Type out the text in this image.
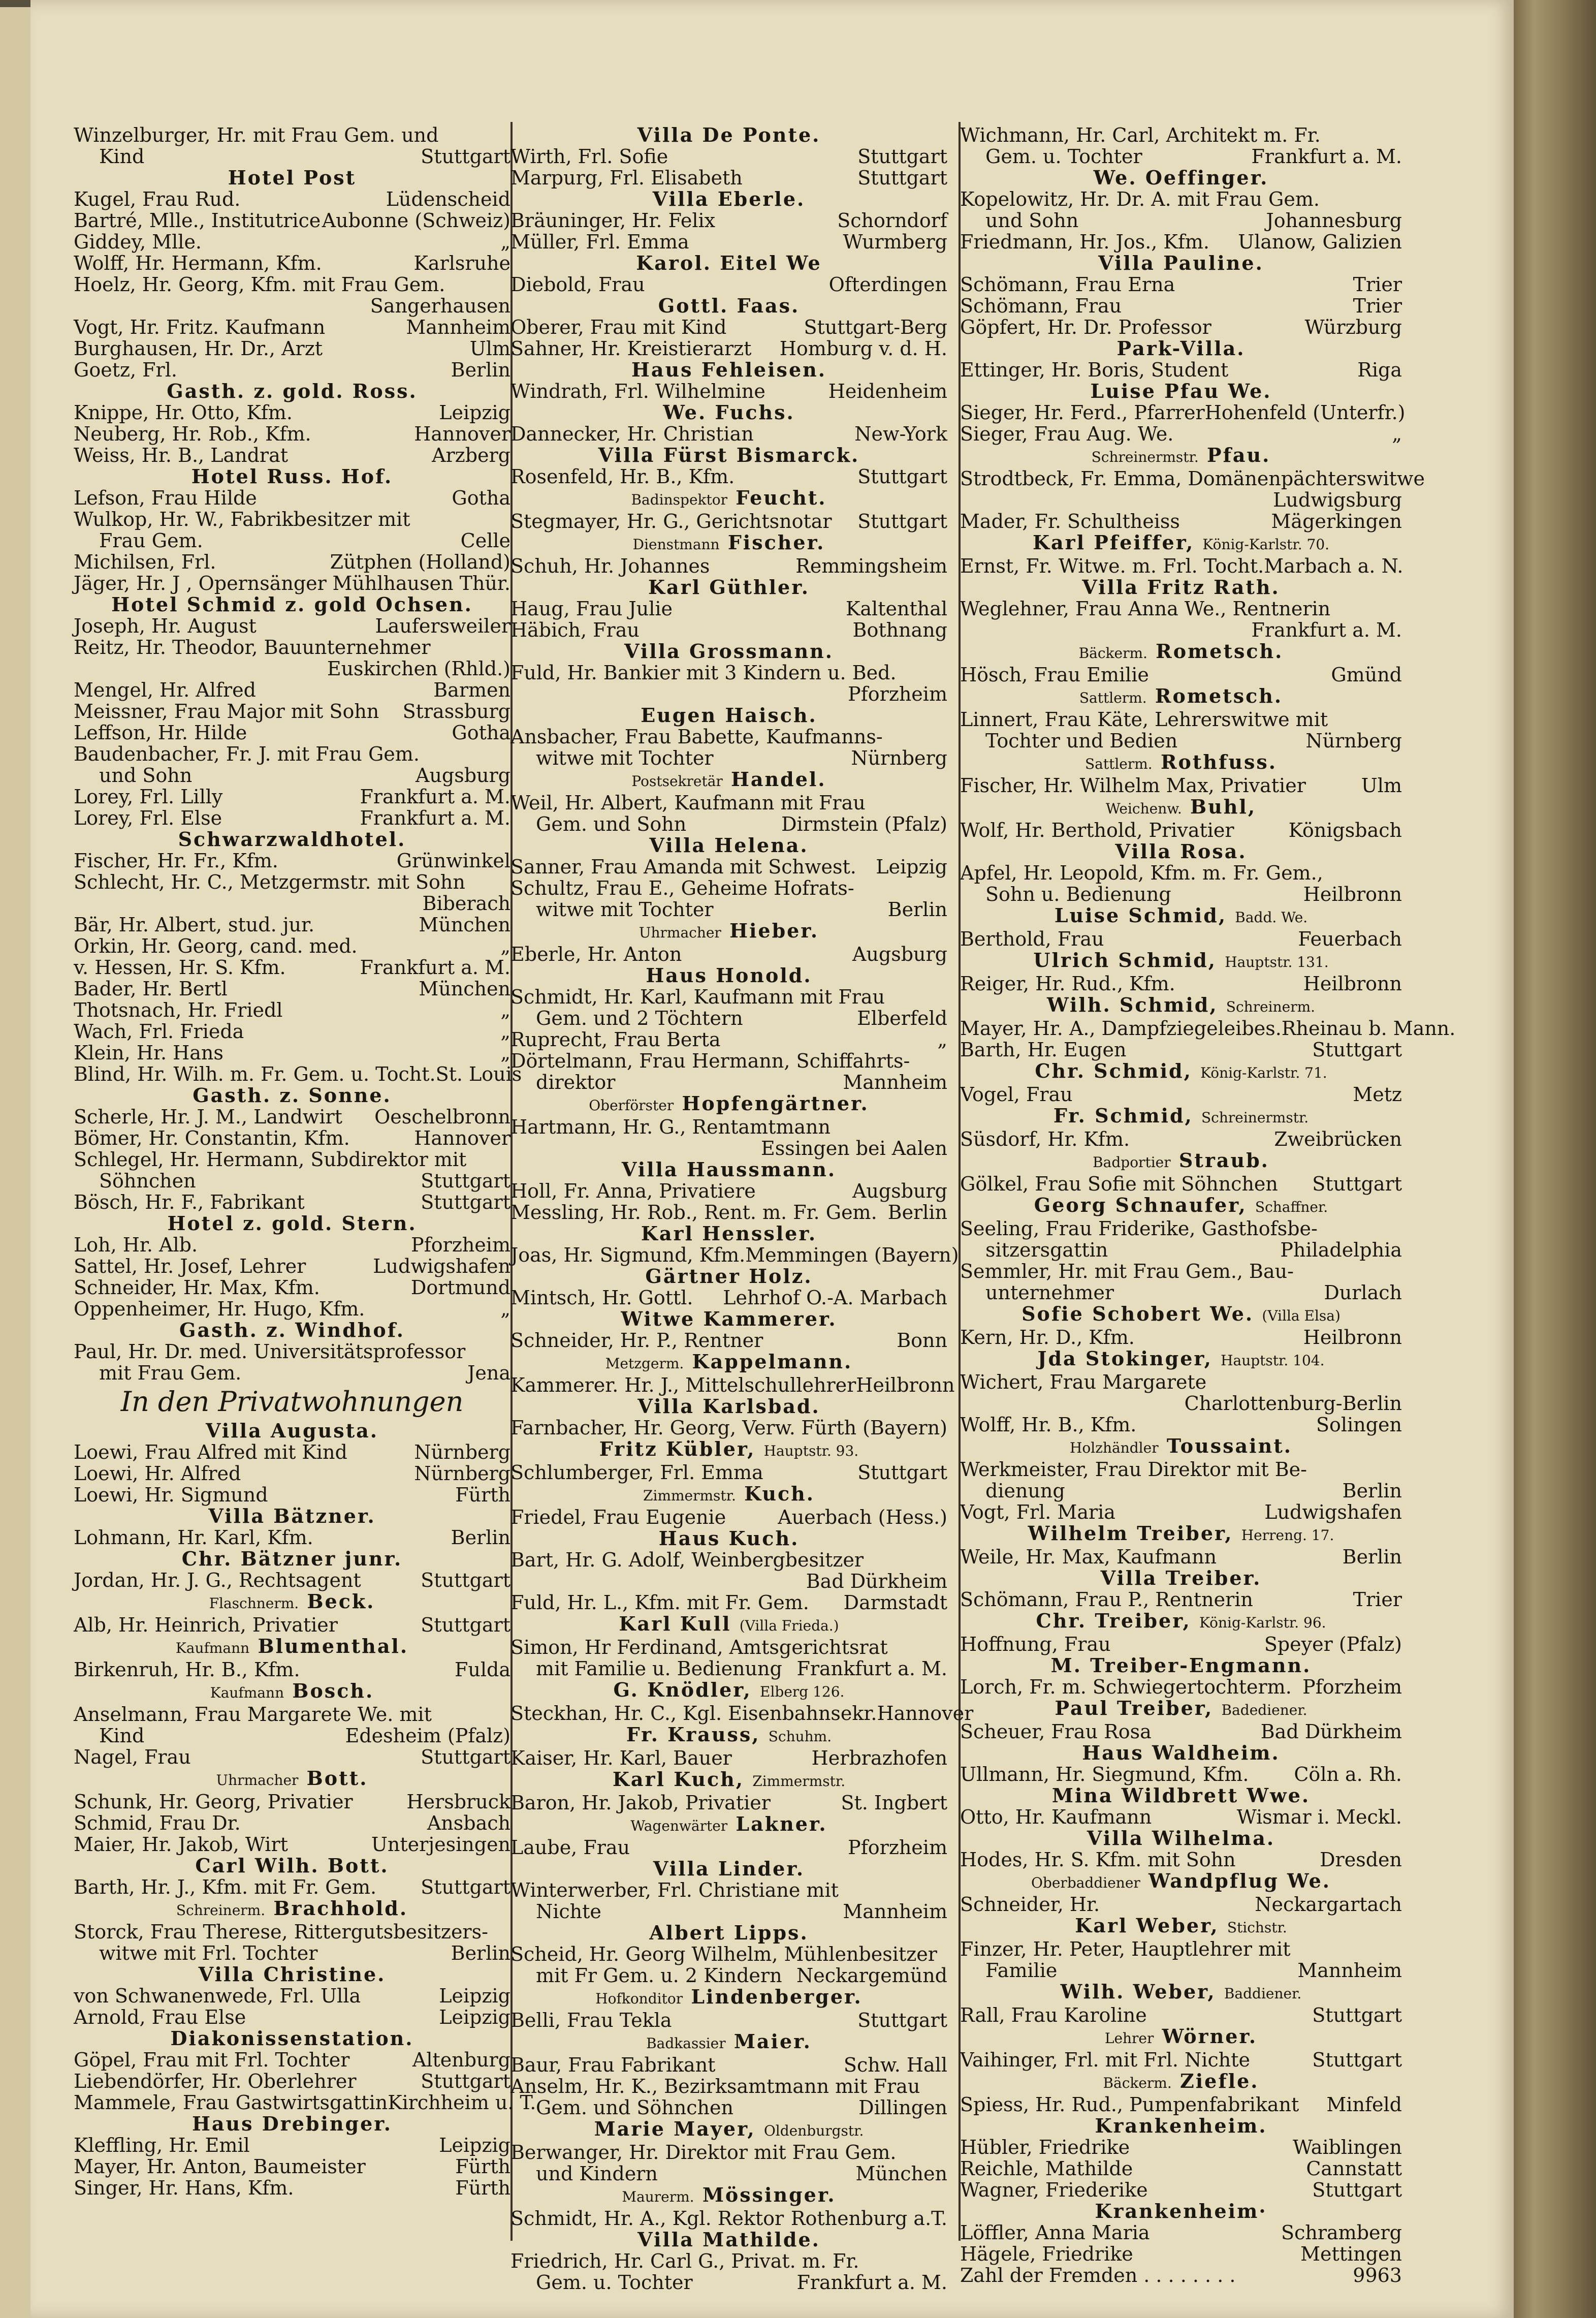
Winzelburger, Hr. mit Frau Gem. und
Kind	Stuttgart
Hotel Post
Kugel, Frau Rud.	Lüdenscheid
Bartré, Mlle., Institutrice Aubonne (Schweiz)
Giddey, Mlle.	„
Wolff, Hr. Hermann, Kfm.	Karlsruhe
Hoelz, Hr. Georg, Kfm. mit Frau Gem.
Sangerhausen
Vogt, Hr. Fritz. Kaufmann	Mannheim
Burghausen, Hr. Dr., Arzt	Ulm
Goetz, Frl.	Berlin
Gasth. z. gold. Ross.
Knippe, Hr. Otto, Kfm.	Leipzig
Neuberg, Hr. Rob., Kfm.	Hannover
Weiss, Hr. B., Landrat	Arzberg
Hotel Russ. Hof.
Lefson, Frau Hilde	Gotha
Wulkop, Hr. W., Fabrikbesitzer mit
Frau Gem.	Celle
Michilsen, Frl.	Zütphen (Holland)
Jäger, Hr. J , Opernsänger Mühlhausen Thür.
Hotel Schmid z. gold Ochsen.
Joseph, Hr. August	Laufersweiler
Reitz, Hr. Theodor, Bauunternehmer
Euskirchen (Rhld.)
Mengel, Hr. Alfred	Barmen
Meissner, Frau Major mit Sohn Strassburg
Leffson, Hr. Hilde	Gotha
Baudenbacher, Fr. J. mit Frau Gem.
und Sohn	Augsburg
Lorey, Frl. Lilly	Frankfurt a. M.
Lorey, Frl. Else	Frankfurt a. M.
Schwarzwaldhotel.
Fischer, Hr. Fr., Kfm.	Grünwinkel
Schlecht, Hr. C., Metzgermstr. mit Sohn
Biberach
Bär, Hr. Albert, stud. jur.	München
Orkin, Hr. Georg, cand. med.	„
v. Hessen, Hr. S. Kfm.	Frankfurt a. M.
Bader, Hr. Bertl	München
Thotsnach, Hr. Friedl	„
Wach, Frl. Frieda	„
Klein, Hr. Hans	„
Blind, Hr. Wilh. m. Fr. Gem. u. Tocht. St. Louis
Gasth. z. Sonne.
Scherle, Hr. J. M., Landwirt Oeschelbronn
Bömer, Hr. Constantin, Kfm.	Hannover
Schlegel, Hr. Hermann, Subdirektor mit
Söhnchen	Stuttgart
Bösch, Hr. F., Fabrikant	Stuttgart
Hotel z. gold. Stern.
Loh, Hr. Alb.	Pforzheim
Sattel, Hr. Josef, Lehrer	Ludwigshafen
Schneider, Hr. Max, Kfm.	Dortmund
Oppenheimer, Hr. Hugo, Kfm.	„
Gasth. z. Windhof.
Paul, Hr. Dr. med. Universitätsprofessor
mit Frau Gem.	Jena
In den Privatwohnungen
Villa Augusta.
Loewi, Frau Alfred mit Kind	Nürnberg
Loewi, Hr. Alfred	Nürnberg
Loewi, Hr. Sigmund	Fürth
Villa Bätzner.
Lohmann, Hr. Karl, Kfm.	Berlin
Chr. Bätzner junr.
Jordan, Hr. J. G., Rechtsagent	Stuttgart
Flaschnerm. Beck.
Alb, Hr. Heinrich, Privatier	Stuttgart
Kaufmann Blumenthal.
Birkenruh, Hr. B., Kfm.	Fulda
Kaufmann Bosch.
Anselmann, Frau Margarete We. mit
Kind	Edesheim (Pfalz)
Nagel, Frau	Stuttgart
Uhrmacher Bott.
Schunk, Hr. Georg, Privatier	Hersbruck
Schmid, Frau Dr.	Ansbach
Maier, Hr. Jakob, Wirt	Unterjesingen
Carl Wilh. Bott.
Barth, Hr. J., Kfm. mit Fr. Gem. Stuttgart
Schreinerm. Brachhold.
Storck, Frau Therese, Rittergutsbesitzers-
witwe mit Frl. Tochter	Berlin
Villa Christine.
von Schwanenwede, Frl. Ulla	Leipzig
Arnold, Frau Else	Leipzig
Diakonissenstation.
Göpel, Frau mit Frl. Tochter	Altenburg
Liebendörfer, Hr. Oberlehrer	Stuttgart
Mammele, Frau Gastwirtsgattin Kirchheim u. T.
Haus Drebinger.
Kleffling, Hr. Emil	Leipzig
Mayer, Hr. Anton, Baumeister	Fürth
Singer, Hr. Hans, Kfm.	Fürth
Villa De Ponte.
Wirth, Frl. Sofie	Stuttgart
Marpurg, Frl. Elisabeth	Stuttgart
Villa Eberle.
Bräuninger, Hr. Felix	Schorndorf
Müller, Frl. Emma	Wurmberg
Karol. Eitel We
Diebold, Frau	Ofterdingen
Gottl. Faas.
Oberer, Frau mit Kind	Stuttgart-Berg
Sahner, Hr. Kreistierarzt Homburg v. d. H.
Haus Fehleisen.
Windrath, Frl. Wilhelmine	Heidenheim
We. Fuchs.
Dannecker, Hr. Christian	New-York
Villa Fürst Bismarck.
Rosenfeld, Hr. B., Kfm.	Stuttgart
Badinspektor Feucht.
Stegmayer, Hr. G., Gerichtsnotar Stuttgart
Dienstmann Fischer.
Schuh, Hr. Johannes	Remmingsheim
Karl Güthler.
Haug, Frau Julie	Kaltenthal
Häbich, Frau	Bothnang
Villa Grossmann.
Fuld, Hr. Bankier mit 3 Kindern u. Bed.
Pforzheim
Eugen Haisch.
Ansbacher, Frau Babette, Kaufmanns-
witwe mit Tochter	Nürnberg
Postsekretär Handel.
Weil, Hr. Albert, Kaufmann mit Frau
Gem. und Sohn	Dirmstein (Pfalz)
Villa Helena.
Sanner, Frau Amanda mit Schwest. Leipzig
Schultz, Frau E., Geheime Hofrats-
witwe mit Tochter	Berlin
Uhrmacher Hieber.
Eberle, Hr. Anton	Augsburg
Haus Honold.
Schmidt, Hr. Karl, Kaufmann mit Frau
Gem. und 2 Töchtern	Elberfeld
Ruprecht, Frau Berta	„
Dörtelmann, Frau Hermann, Schiffahrts-
direktor	Mannheim
Oberförster Hopfengärtner.
Hartmann, Hr. G., Rentamtmann
Essingen bei Aalen
Villa Haussmann.
Holl, Fr. Anna, Privatiere	Augsburg
Messling, Hr. Rob., Rent. m. Fr. Gem. Berlin
Karl Henssler.
Joas, Hr. Sigmund, Kfm. Memmingen (Bayern)
Gärtner Holz.
Mintsch, Hr. Gottl. Lehrhof O.-A. Marbach
Witwe Kammerer.
Schneider, Hr. P., Rentner	Bonn
Metzgerm. Kappelmann.
Kammerer. Hr. J., Mittelschullehrer Heilbronn
Villa Karlsbad.
Farnbacher, Hr. Georg, Verw. Fürth (Bayern)
Fritz Kübler, Hauptstr. 93.
Schlumberger, Frl. Emma	Stuttgart
Zimmermstr. Kuch.
Friedel, Frau Eugenie	Auerbach (Hess.)
Haus Kuch.
Bart, Hr. G. Adolf, Weinbergbesitzer
Bad Dürkheim
Fuld, Hr. L., Kfm. mit Fr. Gem. Darmstadt
Karl Kull (Villa Frieda.)
Simon, Hr Ferdinand, Amtsgerichtsrat
mit Familie u. Bedienung Frankfurt a. M.
G. Knödler, Elberg 126.
Steckhan, Hr. C., Kgl. Eisenbahnsekr. Hannover
Fr. Krauss, Schuhm.
Kaiser, Hr. Karl, Bauer	Herbrazhofen
Karl Kuch, Zimmermstr.
Baron, Hr. Jakob, Privatier	St. Ingbert
Wagenwärter Lakner.
Laube, Frau	Pforzheim
Villa Linder.
Winterwerber, Frl. Christiane mit
Nichte	Mannheim
Albert Lipps.
Scheid, Hr. Georg Wilhelm, Mühlenbesitzer
mit Fr Gem. u. 2 Kindern Neckargemünd
Hofkonditor Lindenberger.
Belli, Frau Tekla	Stuttgart
Badkassier Maier.
Baur, Frau Fabrikant	Schw. Hall
Anselm, Hr. K., Bezirksamtmann mit Frau
Gem. und Söhnchen	Dillingen
Marie Mayer, Oldenburgstr.
Berwanger, Hr. Direktor mit Frau Gem.
und Kindern	München
Maurerm. Mössinger.
Schmidt, Hr. A., Kgl. Rektor Rothenburg a.T.
Villa Mathilde.
Friedrich, Hr. Carl G., Privat. m. Fr.
Gem. u. Tochter	Frankfurt a. M.
Wichmann, Hr. Carl, Architekt m. Fr.
Gem. u. Tochter	Frankfurt a. M.
We. Oeffinger.
Kopelowitz, Hr. Dr. A. mit Frau Gem.
und Sohn	Johannesburg
Friedmann, Hr. Jos., Kfm. Ulanow, Galizien
Villa Pauline.
Schömann, Frau Erna	Trier
Schömann, Frau	Trier
Göpfert, Hr. Dr. Professor	Würzburg
Park-Villa.
Ettinger, Hr. Boris, Student	Riga
Luise Pfau We.
Sieger, Hr. Ferd., Pfarrer Hohenfeld (Unterfr.)
Sieger, Frau Aug. We.	„
Schreinermstr. Pfau.
Strodtbeck, Fr. Emma, Domänenpächterswitwe
Ludwigsburg
Mader, Fr. Schultheiss	Mägerkingen
Karl Pfeiffer, König-Karlstr. 70.
Ernst, Fr. Witwe. m. Frl. Tocht. Marbach a. N.
Villa Fritz Rath.
Weglehner, Frau Anna We., Rentnerin
Frankfurt a. M.
Bäckerm. Rometsch.
Hösch, Frau Emilie	Gmünd
Sattlerm. Rometsch.
Linnert, Frau Käte, Lehrerswitwe mit
Tochter und Bedien	Nürnberg
Sattlerm. Rothfuss.
Fischer, Hr. Wilhelm Max, Privatier	Ulm
Weichenw. Buhl,
Wolf, Hr. Berthold, Privatier	Königsbach
Villa Rosa.
Apfel, Hr. Leopold, Kfm. m. Fr. Gem.,
Sohn u. Bedienung	Heilbronn
Luise Schmid, Badd. We.
Berthold, Frau	Feuerbach
Ulrich Schmid, Hauptstr. 131.
Reiger, Hr. Rud., Kfm.	Heilbronn
Wilh. Schmid, Schreinerm.
Mayer, Hr. A., Dampfziegeleibes. Rheinau b. Mann.
Barth, Hr. Eugen	Stuttgart
Chr. Schmid, König-Karlstr. 71.
Vogel, Frau	Metz
Fr. Schmid, Schreinermstr.
Süsdorf, Hr. Kfm.	Zweibrücken
Badportier Straub.
Gölkel, Frau Sofie mit Söhnchen Stuttgart
Georg Schnaufer, Schaffner.
Seeling, Frau Friderike, Gasthofsbe-
sitzersgattin	Philadelphia
Semmler, Hr. mit Frau Gem., Bau-
unternehmer	Durlach
Sofie Schobert We. (Villa Elsa)
Kern, Hr. D., Kfm.	Heilbronn
Jda Stokinger, Hauptstr. 104.
Wichert, Frau Margarete
Charlottenburg-Berlin
Wolff, Hr. B., Kfm.	Solingen
Holzhändler Toussaint.
Werkmeister, Frau Direktor mit Be-
dienung	Berlin
Vogt, Frl. Maria	Ludwigshafen
Wilhelm Treiber, Herreng. 17.
Weile, Hr. Max, Kaufmann	Berlin
Villa Treiber.
Schömann, Frau P., Rentnerin	Trier
Chr. Treiber, König-Karlstr. 96.
Hoffnung, Frau	Speyer (Pfalz)
M. Treiber-Engmann.
Lorch, Fr. m. Schwiegertochterm. Pforzheim
Paul Treiber, Badediener.
Scheuer, Frau Rosa	Bad Dürkheim
Haus Waldheim.
Ullmann, Hr. Siegmund, Kfm. Cöln a. Rh.
Mina Wildbrett Wwe.
Otto, Hr. Kaufmann	Wismar i. Meckl.
Villa Wilhelma.
Hodes, Hr. S. Kfm. mit Sohn	Dresden
Oberbaddiener Wandpflug We.
Schneider, Hr.	Neckargartach
Karl Weber, Stichstr.
Finzer, Hr. Peter, Hauptlehrer mit
Familie	Mannheim
Wilh. Weber, Baddiener.
Rall, Frau Karoline	Stuttgart
Lehrer Wörner.
Vaihinger, Frl. mit Frl. Nichte	Stuttgart
Bäckerm. Ziefle.
Spiess, Hr. Rud., Pumpenfabrikant Minfeld
Krankenheim.
Hübler, Friedrike	Waiblingen
Reichle, Mathilde	Cannstatt
Wagner, Friederike	Stuttgart
Krankenheim·
Löffler, Anna Maria	Schramberg
Hägele, Friedrike	Mettingen
Zahl der Fremden . . . . . . . .	9963
